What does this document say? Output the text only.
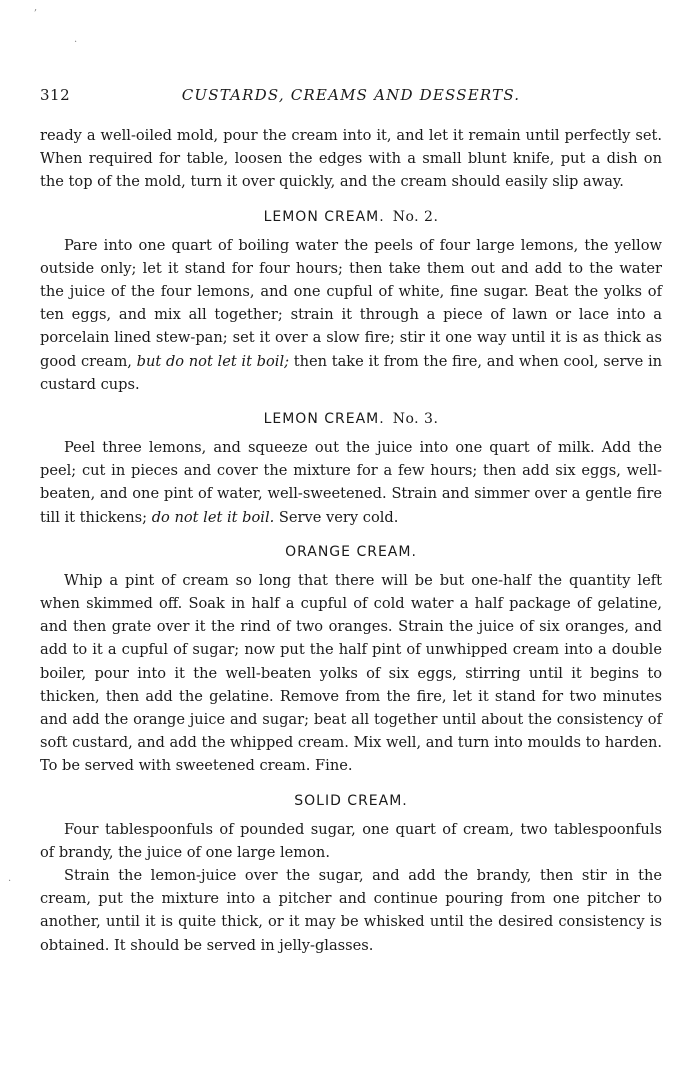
312	CUSTARDS, CREAMS AND DESSERTS.

ready a well-oiled mold, pour the cream into it, and let it remain until perfectly set. When required for table, loosen the edges with a small blunt knife, put a dish on the top of the mold, turn it over quickly, and the cream should easily slip away.

LEMON CREAM. No. 2.

Pare into one quart of boiling water the peels of four large lemons, the yellow outside only; let it stand for four hours; then take them out and add to the water the juice of the four lemons, and one cupful of white, fine sugar. Beat the yolks of ten eggs, and mix all together; strain it through a piece of lawn or lace into a porcelain lined stew-pan; set it over a slow fire; stir it one way until it is as thick as good cream, but do not let it boil; then take it from the fire, and when cool, serve in custard cups.

LEMON CREAM. No. 3.

Peel three lemons, and squeeze out the juice into one quart of milk. Add the peel; cut in pieces and cover the mixture for a few hours; then add six eggs, well-beaten, and one pint of water, well-sweetened. Strain and simmer over a gentle fire till it thickens; do not let it boil. Serve very cold.

ORANGE CREAM.

Whip a pint of cream so long that there will be but one-half the quantity left when skimmed off. Soak in half a cupful of cold water a half package of gelatine, and then grate over it the rind of two oranges. Strain the juice of six oranges, and add to it a cupful of sugar; now put the half pint of unwhipped cream into a double boiler, pour into it the well-beaten yolks of six eggs, stirring until it begins to thicken, then add the gelatine. Remove from the fire, let it stand for two minutes and add the orange juice and sugar; beat all together until about the consistency of soft custard, and add the whipped cream. Mix well, and turn into moulds to harden. To be served with sweetened cream. Fine.

SOLID CREAM.

Four tablespoonfuls of pounded sugar, one quart of cream, two tablespoonfuls of brandy, the juice of one large lemon.

Strain the lemon-juice over the sugar, and add the brandy, then stir in the cream, put the mixture into a pitcher and continue pouring from one pitcher to another, until it is quite thick, or it may be whisked until the desired consistency is obtained. It should be served in jelly-glasses.

,
.
·
